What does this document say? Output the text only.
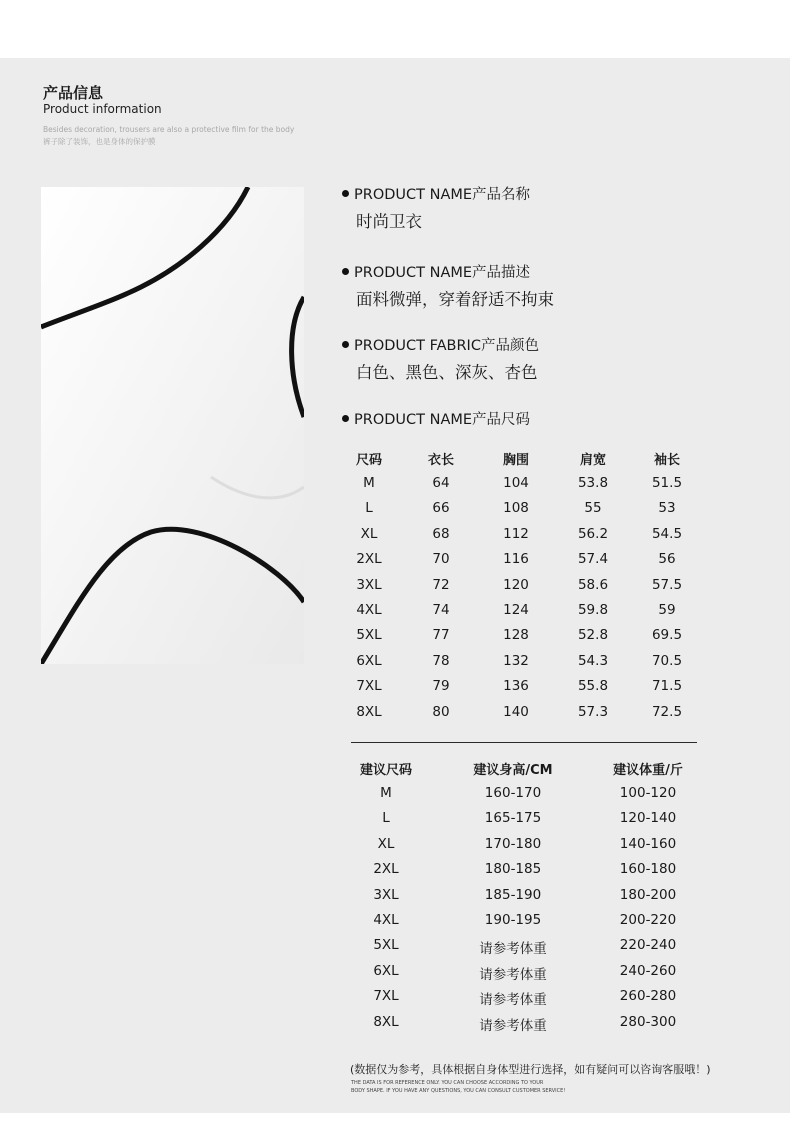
产品信息
Product information
Besides decoration, trousers are also a protective film for the body
裤子除了装饰，也是身体的保护膜
PRODUCT NAME产品名称
时尚卫衣
PRODUCT NAME产品描述
面料微弹，穿着舒适不拘束
PRODUCT FABRIC产品颜色
白色、黑色、深灰、杏色
PRODUCT NAME产品尺码
尺码	衣长	胸围	肩宽	袖长
M	64	104	53.8	51.5
L	66	108	55	53
XL	68	112	56.2	54.5
2XL	70	116	57.4	56
3XL	72	120	58.6	57.5
4XL	74	124	59.8	59
5XL	77	128	52.8	69.5
6XL	78	132	54.3	70.5
7XL	79	136	55.8	71.5
8XL	80	140	57.3	72.5
建议尺码	建议身高/CM	建议体重/斤
M	160-170	100-120
L	165-175	120-140
XL	170-180	140-160
2XL	180-185	160-180
3XL	185-190	180-200
4XL	190-195	200-220
5XL	请参考体重	220-240
6XL	请参考体重	240-260
7XL	请参考体重	260-280
8XL	请参考体重	280-300
(数据仅为参考，具体根据自身体型进行选择，如有疑问可以咨询客服哦！)
THE DATA IS FOR REFERENCE ONLY. YOU CAN CHOOSE ACCORDING TO YOUR
BODY SHAPE. IF YOU HAVE ANY QUESTIONS, YOU CAN CONSULT CUSTOMER SERVICE!
